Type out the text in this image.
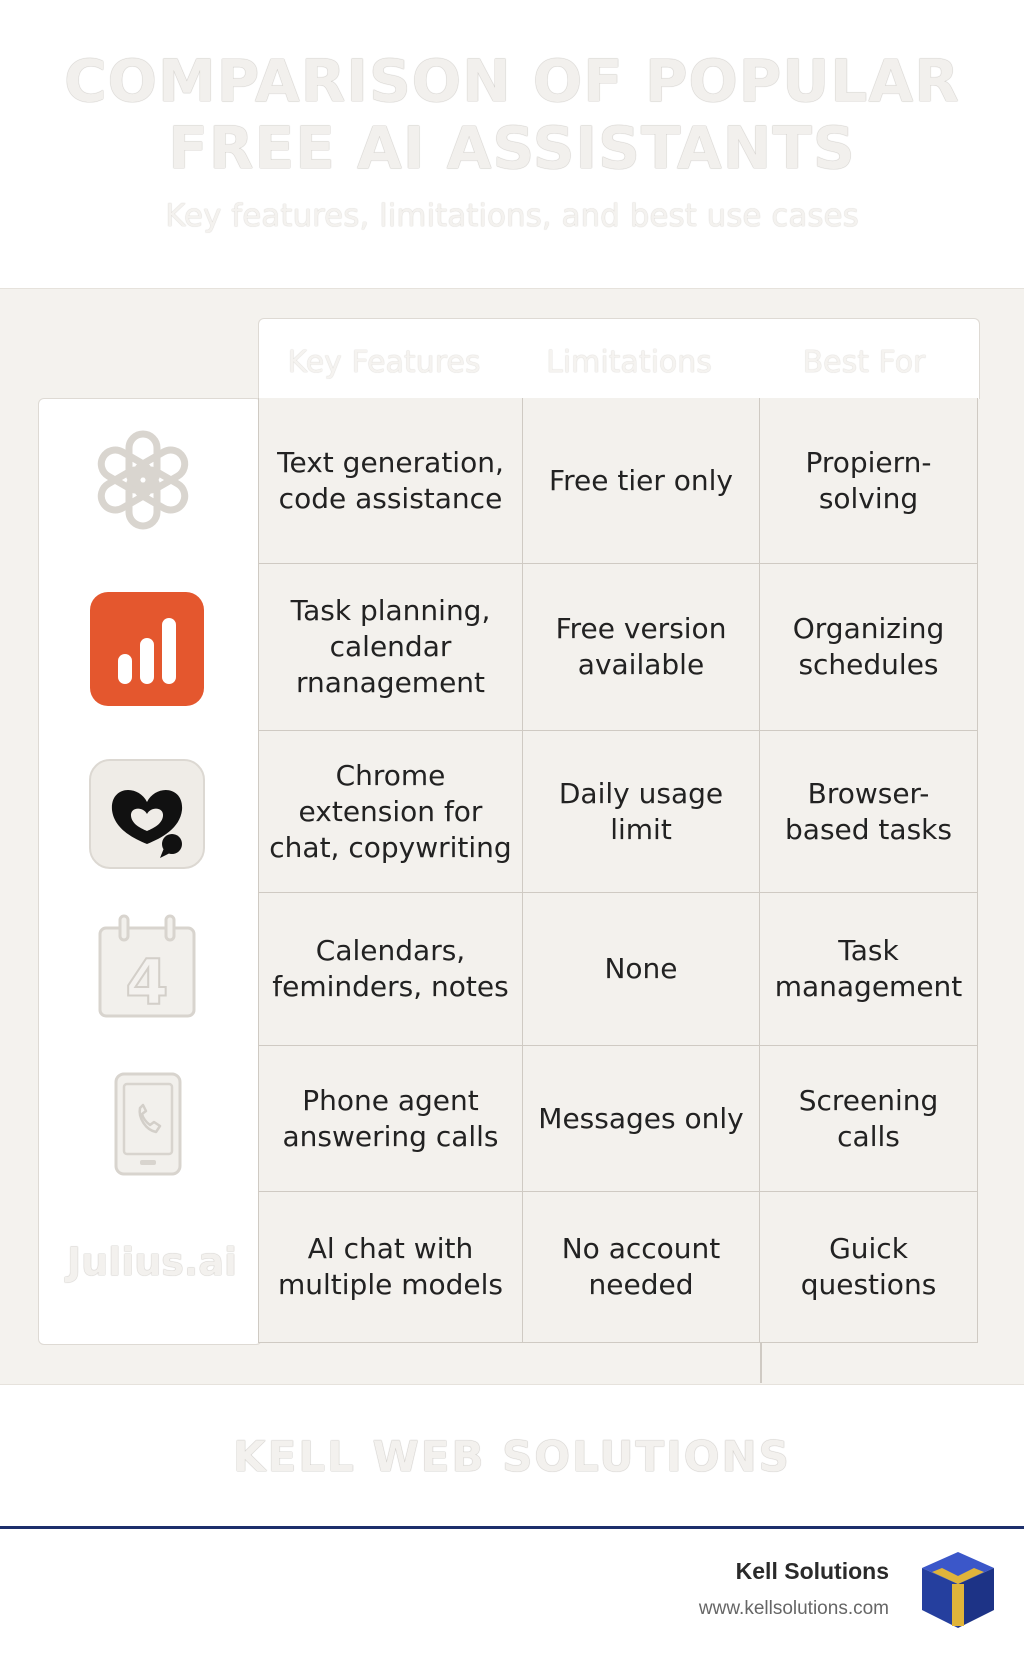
COMPARISON OF POPULAR
FREE AI ASSISTANTS
Key features, limitations, and best use cases
Key Features	Limitations	Best For
Text generation, code assistance
Free tier only
Propiern-solving
Task planning, calendar rnanagement
Free version available
Organizing schedules
Chrome extension for chat, copywriting
Daily usage limit
Browser-based tasks
Calendars, feminders, notes
None
Task management
Phone agent answering calls
Messages only
Screening calls
Al chat with multiple models
No account needed
Guick questions
4
Julius.ai
KELL WEB SOLUTIONS
Kell Solutions
www.kellsolutions.com
